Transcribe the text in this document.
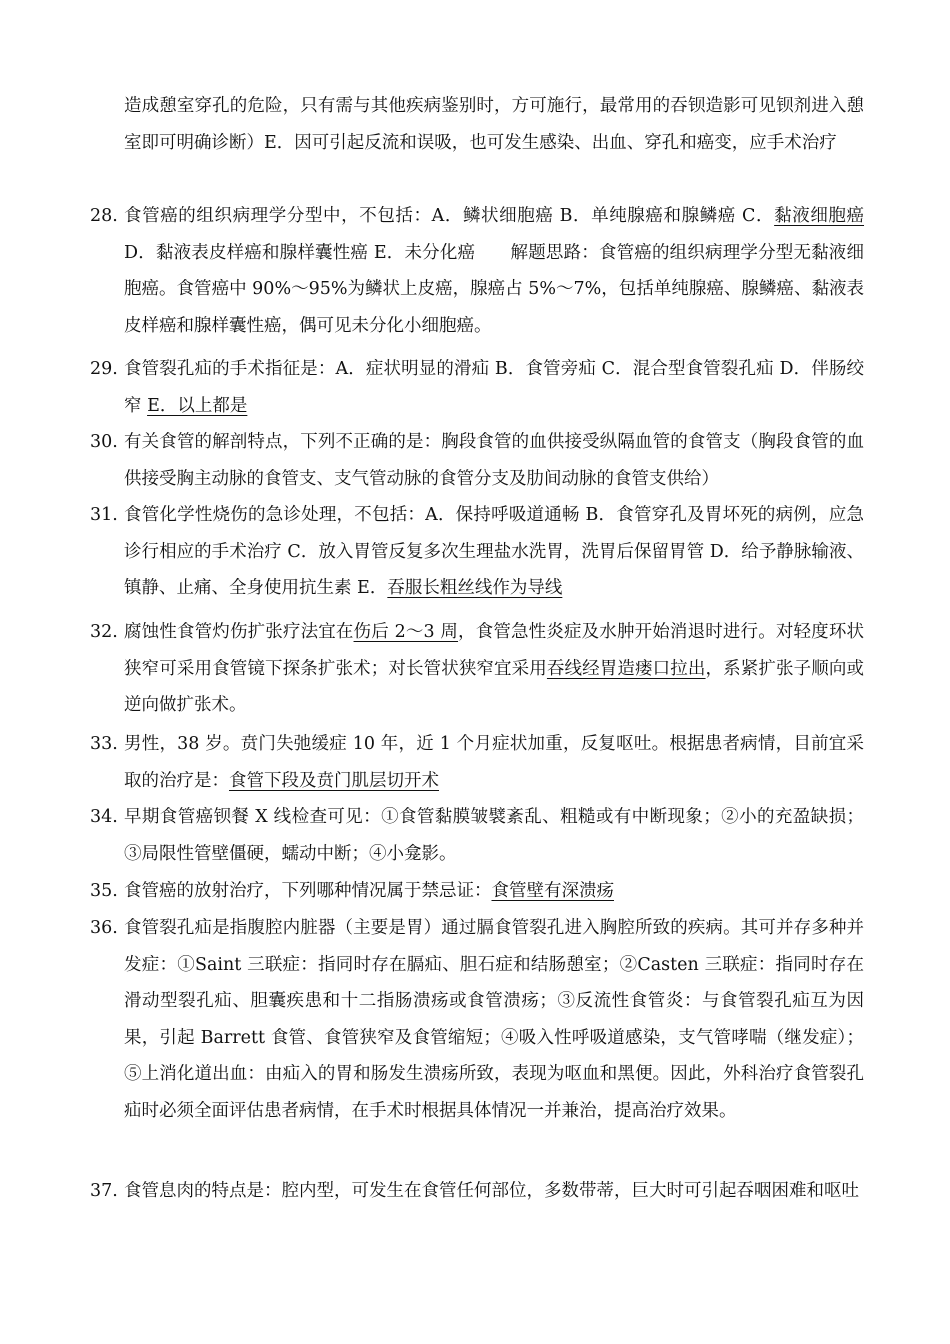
造成憩室穿孔的危险，只有需与其他疾病鉴别时，方可施行，最常用的吞钡造影可见钡剂进入憩室即可明确诊断）E．因可引起反流和误吸，也可发生感染、出血、穿孔和癌变，应手术治疗
28. 食管癌的组织病理学分型中，不包括：A．鳞状细胞癌 B．单纯腺癌和腺鳞癌 C．黏液细胞癌 D．黏液表皮样癌和腺样囊性癌 E．未分化癌　　解题思路：食管癌的组织病理学分型无黏液细胞癌。食管癌中 90%～95%为鳞状上皮癌，腺癌占 5%～7%，包括单纯腺癌、腺鳞癌、黏液表皮样癌和腺样囊性癌，偶可见未分化小细胞癌。
29. 食管裂孔疝的手术指征是：A．症状明显的滑疝 B．食管旁疝 C．混合型食管裂孔疝 D．伴肠绞窄 E．以上都是
30. 有关食管的解剖特点，下列不正确的是：胸段食管的血供接受纵隔血管的食管支（胸段食管的血供接受胸主动脉的食管支、支气管动脉的食管分支及肋间动脉的食管支供给）
31. 食管化学性烧伤的急诊处理，不包括：A．保持呼吸道通畅 B．食管穿孔及胃坏死的病例，应急诊行相应的手术治疗 C．放入胃管反复多次生理盐水洗胃，洗胃后保留胃管 D．给予静脉输液、镇静、止痛、全身使用抗生素 E．吞服长粗丝线作为导线
32. 腐蚀性食管灼伤扩张疗法宜在伤后 2～3 周，食管急性炎症及水肿开始消退时进行。对轻度环状狭窄可采用食管镜下探条扩张术；对长管状狭窄宜采用吞线经胃造瘘口拉出，系紧扩张子顺向或逆向做扩张术。
33. 男性，38 岁。贲门失弛缓症 10 年，近 1 个月症状加重，反复呕吐。根据患者病情，目前宜采取的治疗是：食管下段及贲门肌层切开术
34. 早期食管癌钡餐 X 线检查可见：①食管黏膜皱襞紊乱、粗糙或有中断现象；②小的充盈缺损；③局限性管壁僵硬，蠕动中断；④小龛影。
35. 食管癌的放射治疗，下列哪种情况属于禁忌证：食管壁有深溃疡
36. 食管裂孔疝是指腹腔内脏器（主要是胃）通过膈食管裂孔进入胸腔所致的疾病。其可并存多种并发症：①Saint 三联症：指同时存在膈疝、胆石症和结肠憩室；②Casten 三联症：指同时存在滑动型裂孔疝、胆囊疾患和十二指肠溃疡或食管溃疡；③反流性食管炎：与食管裂孔疝互为因果，引起 Barrett 食管、食管狭窄及食管缩短；④吸入性呼吸道感染，支气管哮喘（继发症）；⑤上消化道出血：由疝入的胃和肠发生溃疡所致，表现为呕血和黑便。因此，外科治疗食管裂孔疝时必须全面评估患者病情，在手术时根据具体情况一并兼治，提高治疗效果。
37. 食管息肉的特点是：腔内型，可发生在食管任何部位，多数带蒂，巨大时可引起吞咽困难和呕吐
